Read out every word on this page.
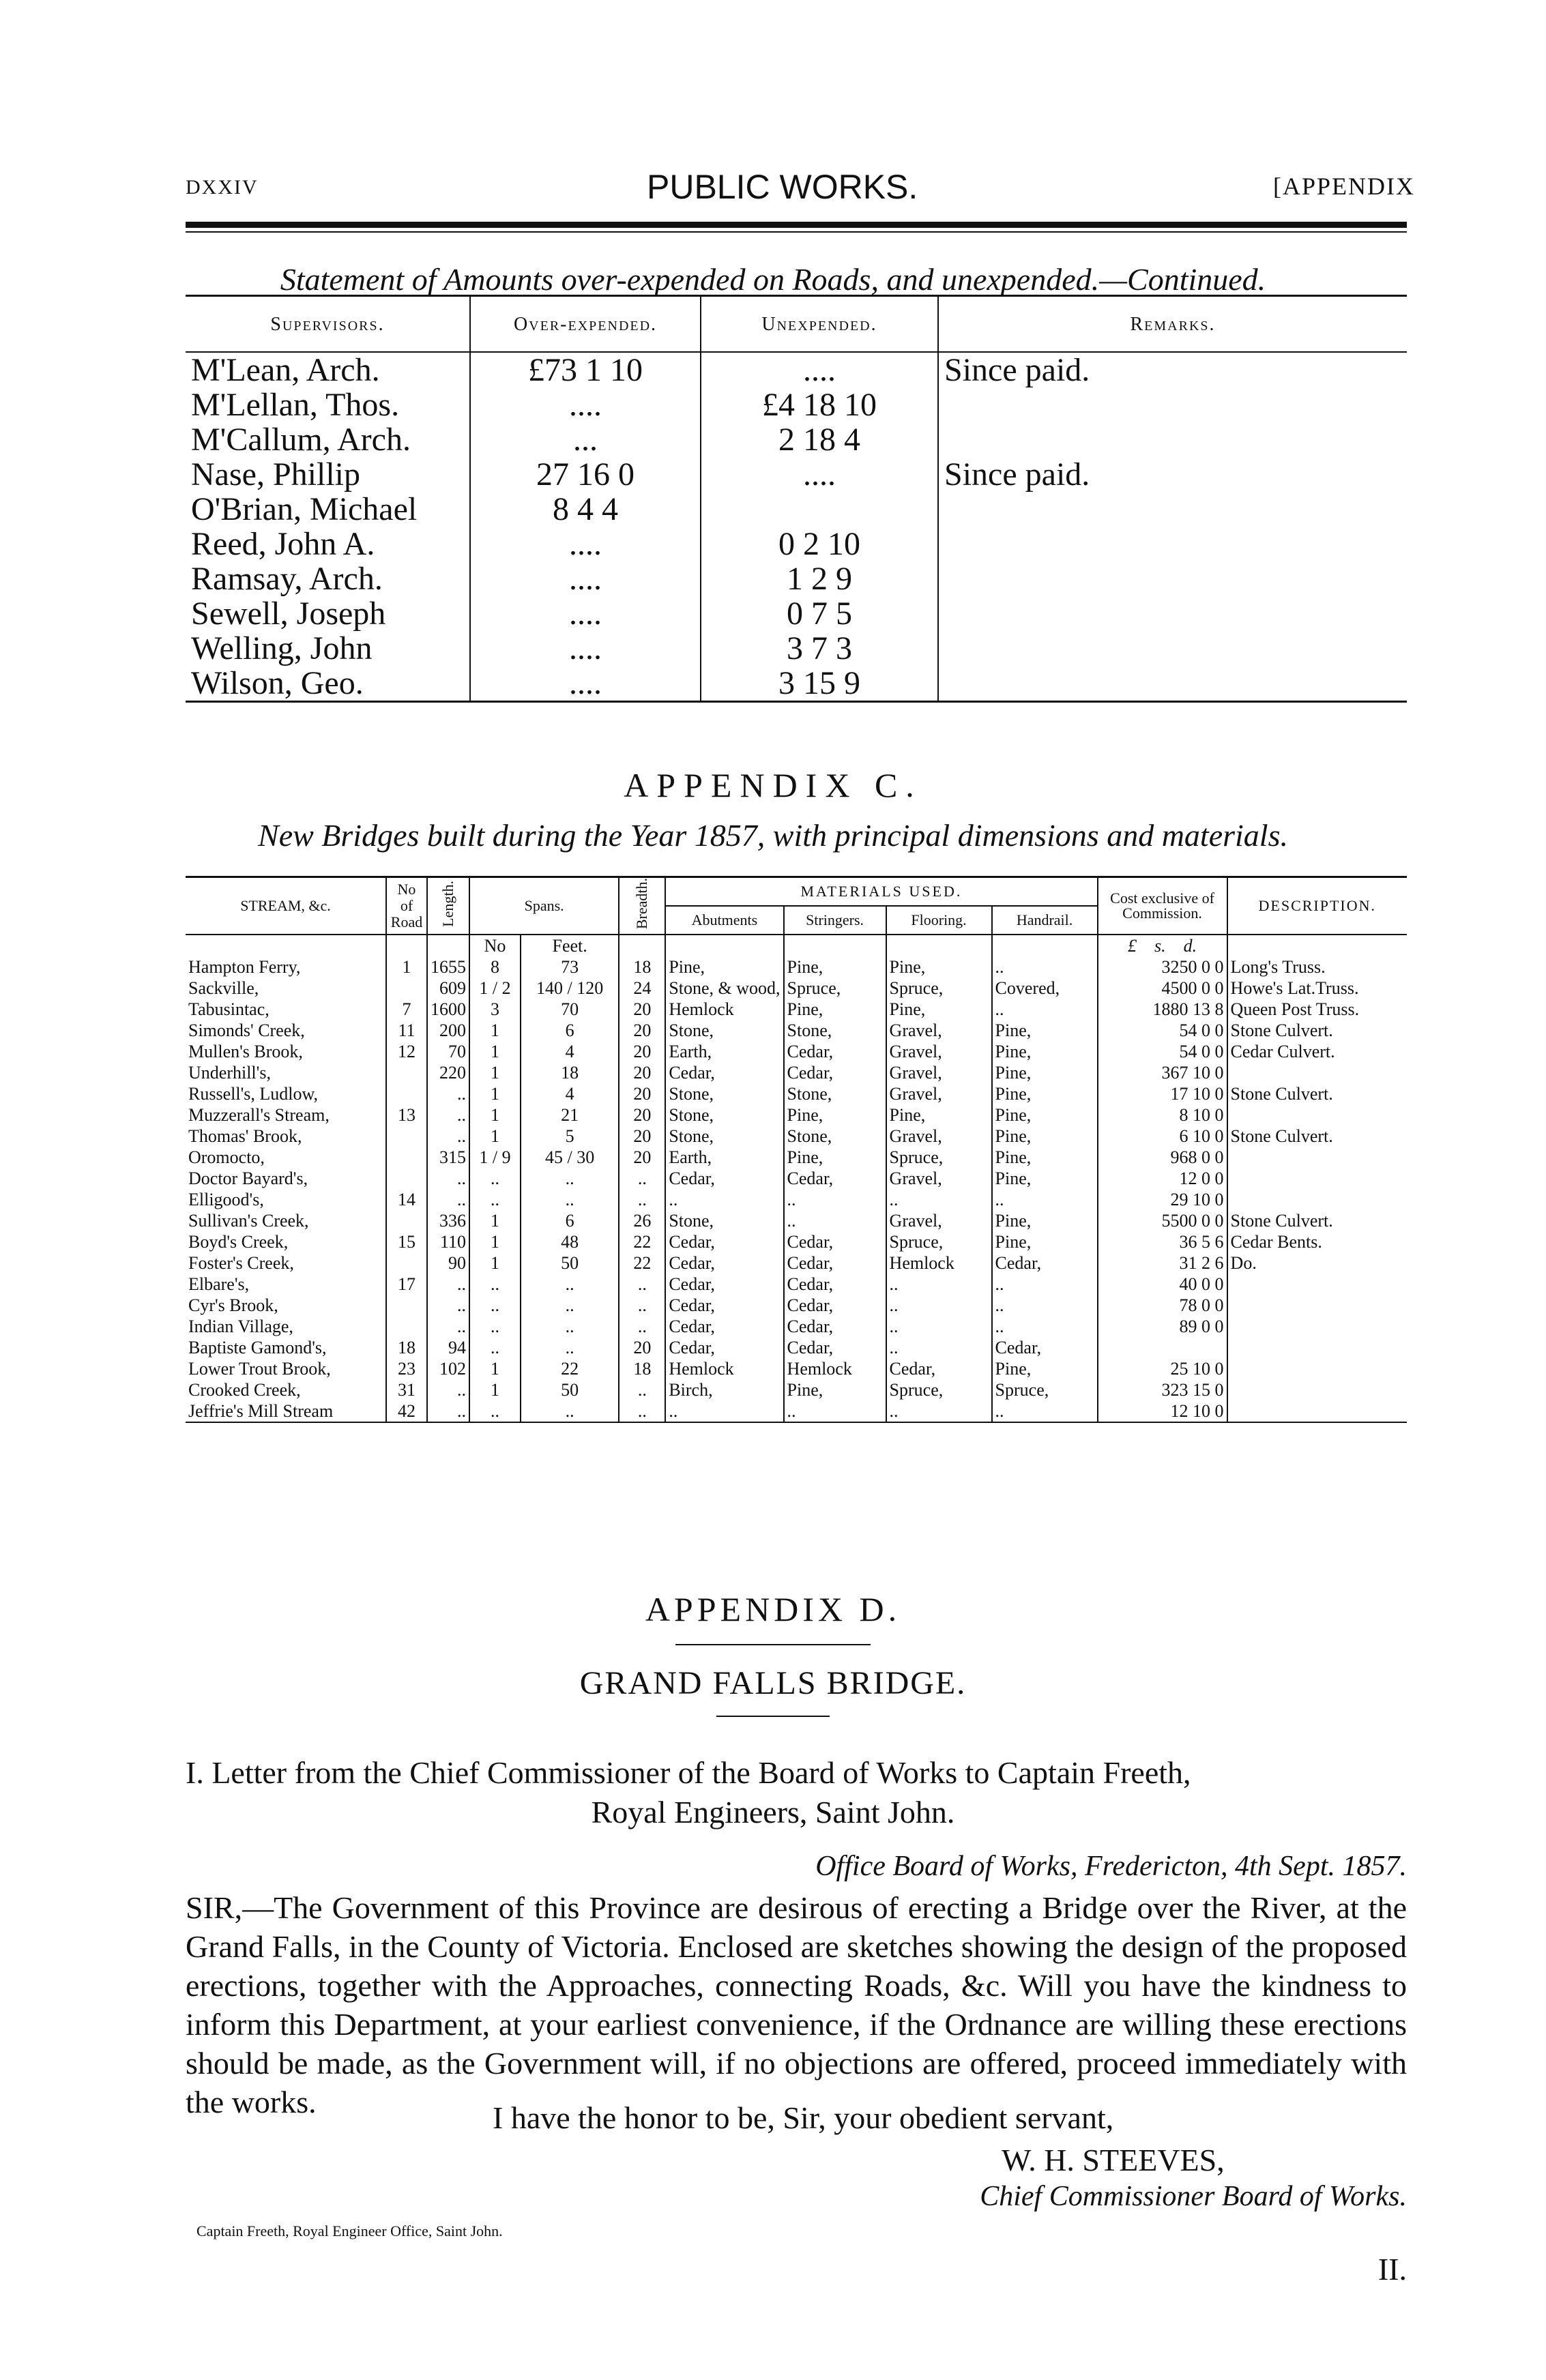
DXXIV	PUBLIC WORKS.	[APPENDIX
Statement of Amounts over-expended on Roads, and unexpended.—Continued.
Supervisors.	Over-expended.	Unexpended.	Remarks.
M'Lean, Arch.	£73 1 10	....	Since paid.
M'Lellan, Thos.	....	£4 18 10	
M'Callum, Arch.	...	2 18 4	
Nase, Phillip	27 16 0	....	Since paid.
O'Brian, Michael	8 4 4		
Reed, John A.	....	0 2 10	
Ramsay, Arch.	....	1 2 9	
Sewell, Joseph	....	0 7 5	
Welling, John	....	3 7 3	
Wilson, Geo.	....	3 15 9	
APPENDIX C.
New Bridges built during the Year 1857, with principal dimensions and materials.
STREAM, &c.	No of Road	Length.	Spans.		Breadth.	MATERIALS USED.				Cost exclusive of Commission.	DESCRIPTION.
						Abutments	Stringers.	Flooring.	Handrail.		
			No	Feet.						£ s. d.	
Hampton Ferry,	1	1655	8	73	18	Pine,	Pine,	Pine,	..	3250 0 0	Long's Truss.
Sackville,		609	1 / 2	140 / 120	24	Stone, & wood,	Spruce,	Spruce,	Covered,	4500 0 0	Howe's Lat.Truss.
Tabusintac,	7	1600	3	70	20	Hemlock	Pine,	Pine,	..	1880 13 8	Queen Post Truss.
Simonds' Creek,	11	200	1	6	20	Stone,	Stone,	Gravel,	Pine,	54 0 0	Stone Culvert.
Mullen's Brook,	12	70	1	4	20	Earth,	Cedar,	Gravel,	Pine,	54 0 0	Cedar Culvert.
Underhill's,		220	1	18	20	Cedar,	Cedar,	Gravel,	Pine,	367 10 0	
Russell's, Ludlow,		..	1	4	20	Stone,	Stone,	Gravel,	Pine,	17 10 0	Stone Culvert.
Muzzerall's Stream,	13	..	1	21	20	Stone,	Pine,	Pine,	Pine,	8 10 0	
Thomas' Brook,		..	1	5	20	Stone,	Stone,	Gravel,	Pine,	6 10 0	Stone Culvert.
Oromocto,		315	1 / 9	45 / 30	20	Earth,	Pine,	Spruce,	Pine,	968 0 0	
Doctor Bayard's,		..	..	..	..	Cedar,	Cedar,	Gravel,	Pine,	12 0 0	
Elligood's,	14	..	..	..	..	..	..	..	..	29 10 0	
Sullivan's Creek,		336	1	6	26	Stone,	..	Gravel,	Pine,	5500 0 0	Stone Culvert.
Boyd's Creek,	15	110	1	48	22	Cedar,	Cedar,	Spruce,	Pine,	36 5 6	Cedar Bents.
Foster's Creek,		90	1	50	22	Cedar,	Cedar,	Hemlock	Cedar,	31 2 6	Do.
Elbare's,	17	..	..	..	..	Cedar,	Cedar,	..	..	40 0 0	
Cyr's Brook,		..	..	..	..	Cedar,	Cedar,	..	..	78 0 0	
Indian Village,		..	..	..	..	Cedar,	Cedar,	..	..	89 0 0	
Baptiste Gamond's,	18	94	..	..	20	Cedar,	Cedar,	..	Cedar,		
Lower Trout Brook,	23	102	1	22	18	Hemlock	Hemlock	Cedar,	Pine,	25 10 0	
Crooked Creek,	31	..	1	50	..	Birch,	Pine,	Spruce,	Spruce,	323 15 0	
Jeffrie's Mill Stream	42	..	..	..	..	..	..	..	..	12 10 0	
APPENDIX D.
GRAND FALLS BRIDGE.
I. Letter from the Chief Commissioner of the Board of Works to Captain Freeth,
Royal Engineers, Saint John.
Office Board of Works, Fredericton, 4th Sept. 1857.
SIR,—The Government of this Province are desirous of erecting a Bridge over the River, at the Grand Falls, in the County of Victoria. Enclosed are sketches showing the design of the proposed erections, together with the Approaches, connecting Roads, &c. Will you have the kindness to inform this Department, at your earliest convenience, if the Ordnance are willing these erections should be made, as the Government will, if no objections are offered, proceed immediately with the works.	I have the honor to be, Sir, your obedient servant,
W. H. STEEVES,
Chief Commissioner Board of Works.
Captain Freeth, Royal Engineer Office, Saint John.
II.
